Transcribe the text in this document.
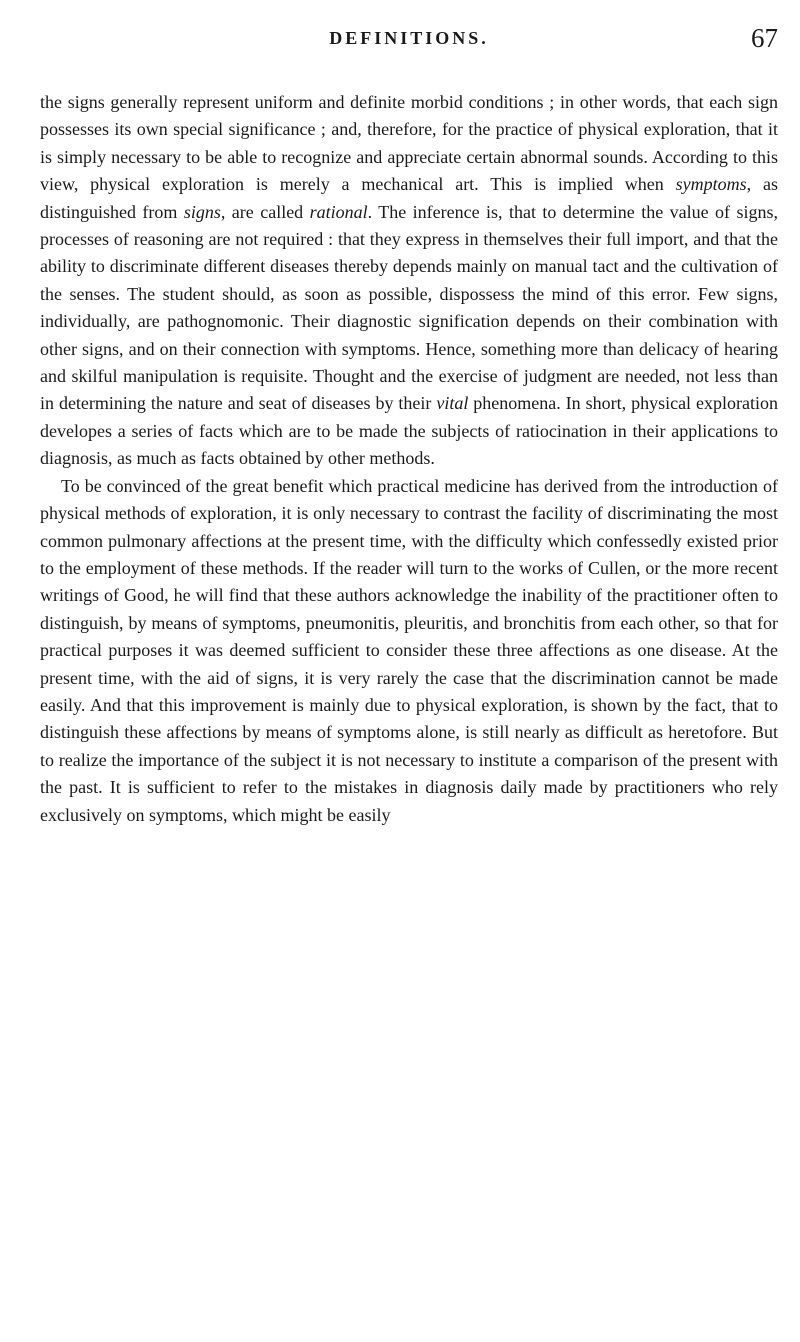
DEFINITIONS.	67

the signs generally represent uniform and definite morbid conditions ; in other words, that each sign possesses its own special significance ; and, therefore, for the practice of physical exploration, that it is simply necessary to be able to recognize and appreciate certain abnormal sounds. According to this view, physical exploration is merely a mechanical art. This is implied when symptoms, as distinguished from signs, are called rational. The inference is, that to determine the value of signs, processes of reasoning are not required : that they express in themselves their full import, and that the ability to discriminate different diseases thereby depends mainly on manual tact and the cultivation of the senses. The student should, as soon as possible, dispossess the mind of this error. Few signs, individually, are pathognomonic. Their diagnostic signification depends on their combination with other signs, and on their connection with symptoms. Hence, something more than delicacy of hearing and skilful manipulation is requisite. Thought and the exercise of judgment are needed, not less than in determining the nature and seat of diseases by their vital phenomena. In short, physical exploration developes a series of facts which are to be made the subjects of ratiocination in their applications to diagnosis, as much as facts obtained by other methods.

To be convinced of the great benefit which practical medicine has derived from the introduction of physical methods of exploration, it is only necessary to contrast the facility of discriminating the most common pulmonary affections at the present time, with the difficulty which confessedly existed prior to the employment of these methods. If the reader will turn to the works of Cullen, or the more recent writings of Good, he will find that these authors acknowledge the inability of the practitioner often to distinguish, by means of symptoms, pneumonitis, pleuritis, and bronchitis from each other, so that for practical purposes it was deemed sufficient to consider these three affections as one disease. At the present time, with the aid of signs, it is very rarely the case that the discrimination cannot be made easily. And that this improvement is mainly due to physical exploration, is shown by the fact, that to distinguish these affections by means of symptoms alone, is still nearly as difficult as heretofore. But to realize the importance of the subject it is not necessary to institute a comparison of the present with the past. It is sufficient to refer to the mistakes in diagnosis daily made by practitioners who rely exclusively on symptoms, which might be easily
